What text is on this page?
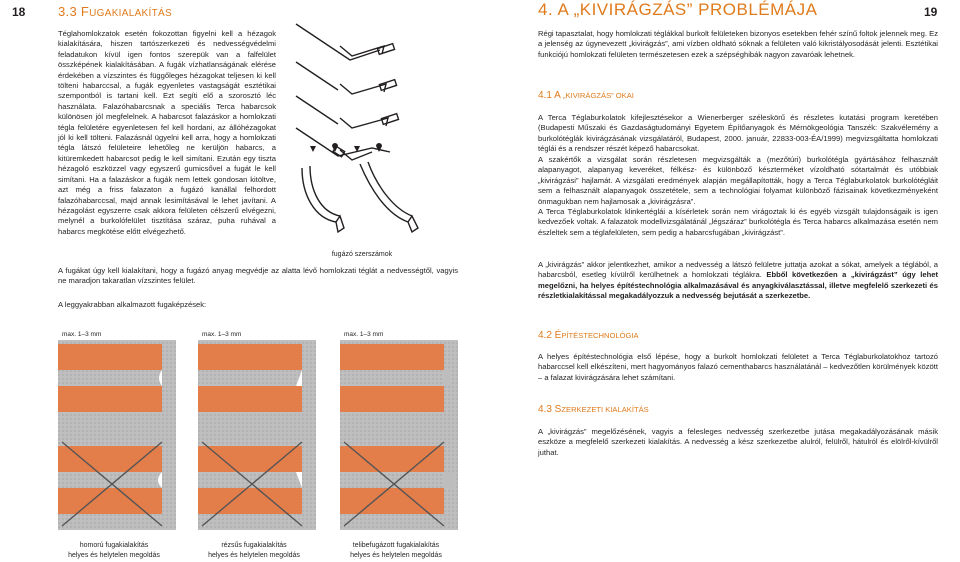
18	3.3 FUGAKIALAKÍTÁS

Téglahomlokzatok esetén fokozottan figyelni kell a hézagok kialakítására, hiszen tartószerkezeti és nedvességvédelmi feladatukon kívül igen fontos szerepük van a falfelület összképének kialakításában. A fugák vízhatlanságának elérése érdekében a vízszintes és függőleges hézagokat teljesen ki kell tölteni habarccsal, a fugák egyenletes vastagságát esztétikai szempontból is tartani kell. Ezt segíti elő a szorosztó léc használata. Falazóhabarcsnak a speciális Terca habarcsok különösen jól megfelelnek. A habarcsot falazáskor a homlokzati tégla felületére egyenletesen fel kell hordani, az állóhézagokat jól ki kell tölteni. Falazásnál ügyelni kell arra, hogy a homlokzati tégla látszó felületeire lehetőleg ne kerüljön habarcs, a kitüremkedett habarcsot pedig le kell simítani. Ezután egy tiszta hézagoló eszközzel vagy egyszerű gumicsővel a fugát le kell simítani. Ha a falazáskor a fugák nem lettek gondosan kitöltve, azt még a friss falazaton a fugázó kanállal felhordott falazóhabarccsal, majd annak lesimításával le lehet javítani. A hézagolást egyszerre csak akkora felületen célszerű elvégezni, melynél a burkolófelület tisztítása száraz, puha ruhával a habarcs megkötése előtt elvégezhető.

fugázó szerszámok

A fugákat úgy kell kialakítani, hogy a fugázó anyag megvédje az alatta lévő homlokzati téglát a nedvességtől, vagyis ne maradjon takaratlan vízszintes felület.

A leggyakrabban alkalmazott fugaképzések:

max. 1–3 mm	max. 1–3 mm	max. 1–3 mm
homorú fugakialakítás
helyes és helytelen megoldás
rézsűs fugakialakítás
helyes és helytelen megoldás
telibefugázott fugakialakítás
helyes és helytelen megoldás
4. A „KIVIRÁGZÁS” PROBLÉMÁJA	19

Régi tapasztalat, hogy homlokzati téglákkal burkolt felületeken bizonyos esetekben fehér színű foltok jelennek meg. Ez a jelenség az úgynevezett „kivirágzás”, ami vízben oldható sóknak a felületen való kikristályosodását jelenti. Esztétikai funkciójú homlokzati felületen természetesen ezek a szépséghibák nagyon zavaróak lehetnek.

4.1 A „KIVIRÁGZÁS” OKAI

A Terca Téglaburkolatok kifejlesztésekor a Wienerberger széleskörű és részletes kutatási program keretében (Budapesti Műszaki és Gazdaságtudományi Egyetem Építőanyagok és Mérnökgeológia Tanszék: Szakvélemény a burkolótéglák kivirágzásának vizsgálatáról, Budapest, 2000. január, 22833-003-ÉA/1999) megvizsgáltatta homlokzati téglái és a rendszer részét képező habarcsokat.

A szakértők a vizsgálat során részletesen megvizsgálták a (mezőtúri) burkolótégla gyártásához felhasznált alapanyagot, alapanyag keveréket, félkész- és különböző készterméket vízoldható sótartalmát és utóbbiak „kivirágzási” hajlamát. A vizsgálati eredmények alapján megállapították, hogy a Terca Téglaburkolatok burkolótégláit sem a felhasznált alapanyagok összetétele, sem a technológiai folyamat különböző fázisainak következményeként önmagukban nem hajlamosak a „kivirágzásra”.

A Terca Téglaburkolatok klinkertéglái a kísérletek során nem virágoztak ki és egyéb vizsgált tulajdonságaik is igen kedvezőek voltak. A falazatok modellvizsgálatánál „légszáraz” burkolótégla és Terca habarcs alkalmazása esetén nem észleltek sem a téglafelületen, sem pedig a habarcsfugában „kivirágzást”.

A „kivirágzás” akkor jelentkezhet, amikor a nedvesség a látszó felületre juttatja azokat a sókat, amelyek a téglából, a habarcsból, esetleg kívülről kerülhetnek a homlokzati téglákra. Ebből következően a „kivirágzást” úgy lehet megelőzni, ha helyes építéstechnológia alkalmazásával és anyagkiválasztással, illetve megfelelő szerkezeti és részletkialakítással megakadályozzuk a nedvesség bejutását a szerkezetbe.

4.2 ÉPÍTÉSTECHNOLÓGIA

A helyes építéstechnológia első lépése, hogy a burkolt homlokzati felületet a Terca Téglaburkolatokhoz tartozó habarccsel kell elkészíteni, mert hagyományos falazó cementhabarcs használatánál – kedvezőtlen körülmények között – a falazat kivirágzására lehet számítani.

4.3 SZERKEZETI KIALAKÍTÁS

A „kivirágzás” megelőzésének, vagyis a felesleges nedvesség szerkezetbe jutása megakadályozásának másik eszköze a megfelelő szerkezeti kialakítás. A nedvesség a kész szerkezetbe alulról, felülről, hátulról és elölről-kívülről juthat.
